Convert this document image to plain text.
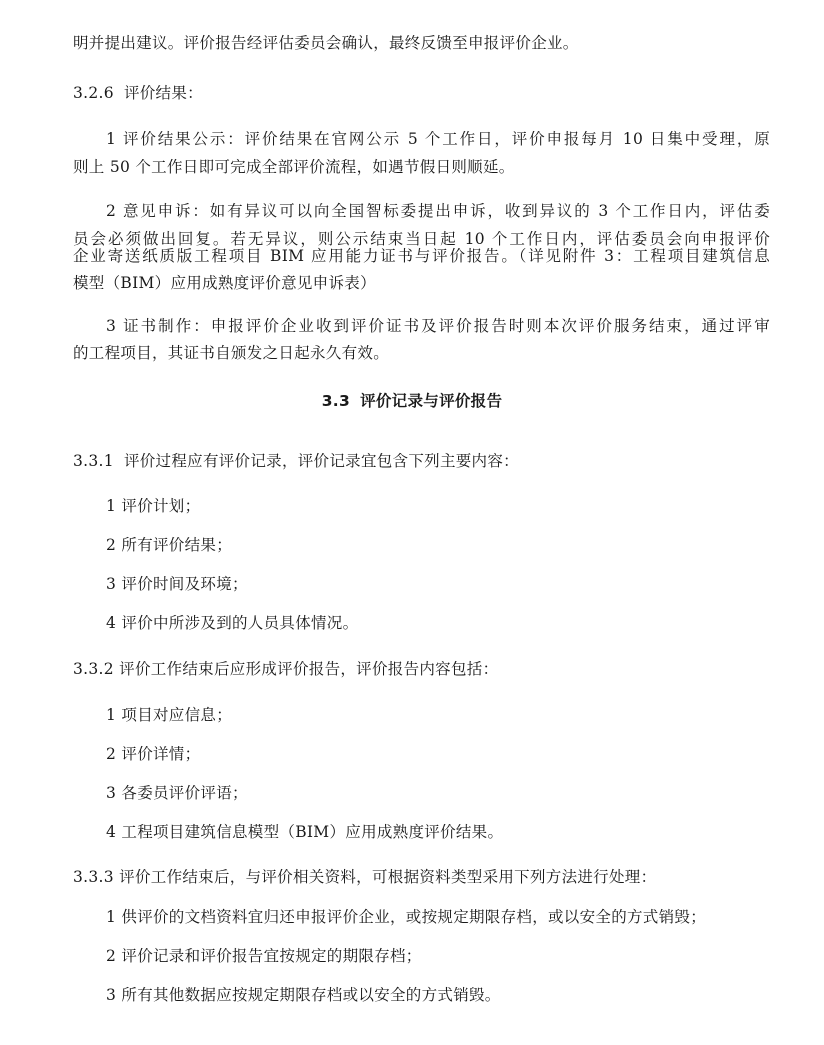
明并提出建议。评价报告经评估委员会确认，最终反馈至申报评价企业。
3.2.6 评价结果：
1 评价结果公示：评价结果在官网公示 5 个工作日，评价申报每月 10 日集中受理，原
则上 50 个工作日即可完成全部评价流程，如遇节假日则顺延。
2 意见申诉：如有异议可以向全国智标委提出申诉，收到异议的 3 个工作日内，评估委
员会必须做出回复。若无异议，则公示结束当日起 10 个工作日内，评估委员会向申报评价
企业寄送纸质版工程项目 BIM 应用能力证书与评价报告。（详见附件 3：工程项目建筑信息
模型（BIM）应用成熟度评价意见申诉表）
3 证书制作：申报评价企业收到评价证书及评价报告时则本次评价服务结束，通过评审
的工程项目，其证书自颁发之日起永久有效。
3.3 评价记录与评价报告
3.3.1 评价过程应有评价记录，评价记录宜包含下列主要内容：
1 评价计划；
2 所有评价结果；
3 评价时间及环境；
4 评价中所涉及到的人员具体情况。
3.3.2 评价工作结束后应形成评价报告，评价报告内容包括：
1 项目对应信息；
2 评价详情；
3 各委员评价评语；
4 工程项目建筑信息模型（BIM）应用成熟度评价结果。
3.3.3 评价工作结束后，与评价相关资料，可根据资料类型采用下列方法进行处理：
1 供评价的文档资料宜归还申报评价企业，或按规定期限存档，或以安全的方式销毁；
2 评价记录和评价报告宜按规定的期限存档；
3 所有其他数据应按规定期限存档或以安全的方式销毁。
